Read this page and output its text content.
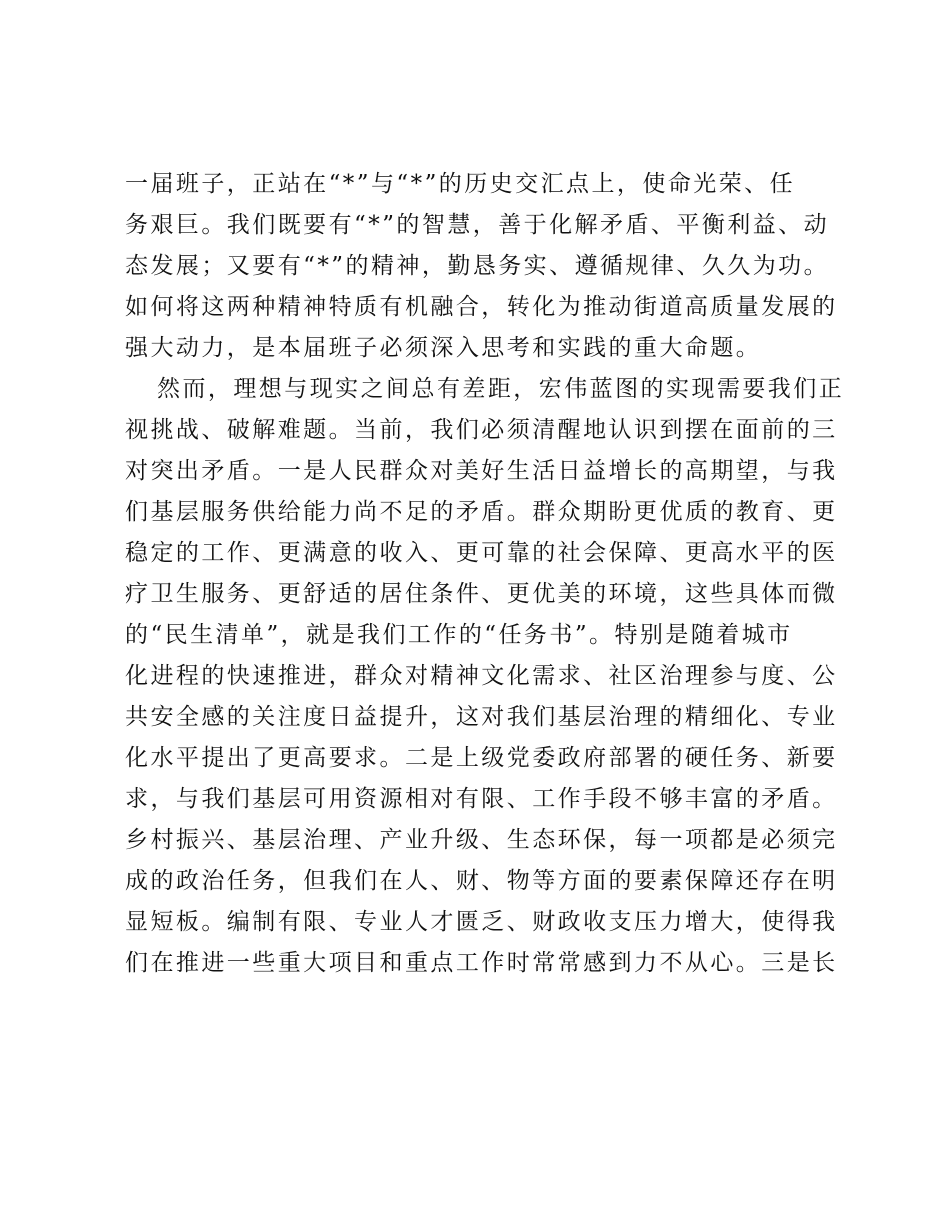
一届班子，正站在“*”与“*”的历史交汇点上，使命光荣、任
务艰巨。我们既要有“*”的智慧，善于化解矛盾、平衡利益、动
态发展；又要有“*”的精神，勤恳务实、遵循规律、久久为功。
如何将这两种精神特质有机融合，转化为推动街道高质量发展的
强大动力，是本届班子必须深入思考和实践的重大命题。
然而，理想与现实之间总有差距，宏伟蓝图的实现需要我们正
视挑战、破解难题。当前，我们必须清醒地认识到摆在面前的三
对突出矛盾。一是人民群众对美好生活日益增长的高期望，与我
们基层服务供给能力尚不足的矛盾。群众期盼更优质的教育、更
稳定的工作、更满意的收入、更可靠的社会保障、更高水平的医
疗卫生服务、更舒适的居住条件、更优美的环境，这些具体而微
的“民生清单”，就是我们工作的“任务书”。特别是随着城市
化进程的快速推进，群众对精神文化需求、社区治理参与度、公
共安全感的关注度日益提升，这对我们基层治理的精细化、专业
化水平提出了更高要求。二是上级党委政府部署的硬任务、新要
求，与我们基层可用资源相对有限、工作手段不够丰富的矛盾。
乡村振兴、基层治理、产业升级、生态环保，每一项都是必须完
成的政治任务，但我们在人、财、物等方面的要素保障还存在明
显短板。编制有限、专业人才匮乏、财政收支压力增大，使得我
们在推进一些重大项目和重点工作时常常感到力不从心。三是长
